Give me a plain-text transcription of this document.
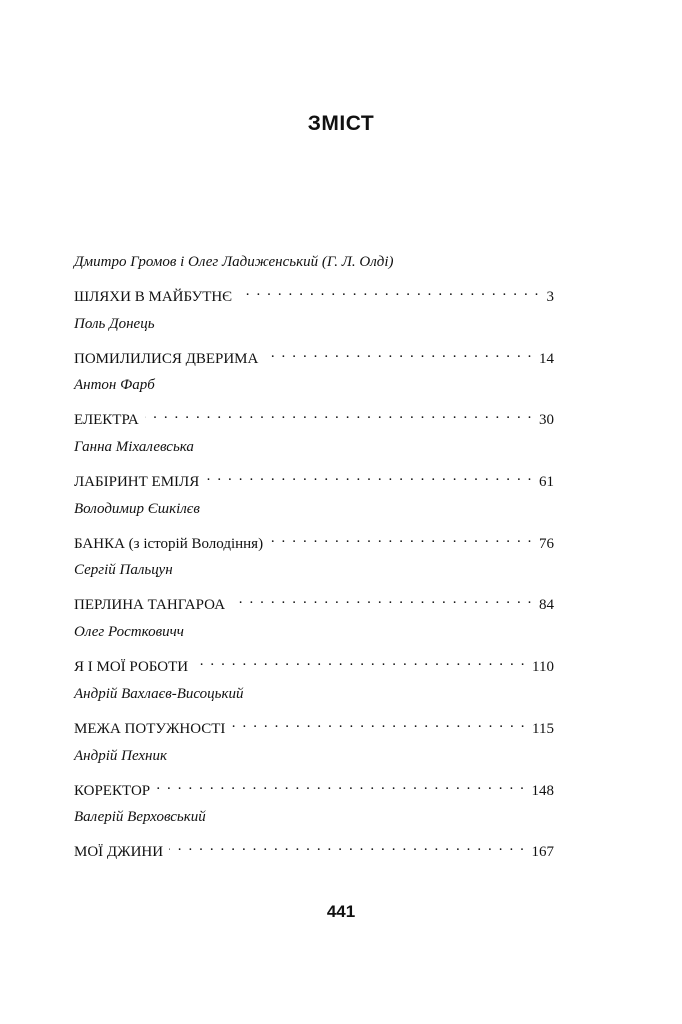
ЗМІСТ
Дмитро Громов і Олег Ладиженський (Г. Л. Олді)
ШЛЯХИ В МАЙБУТНЄ . . .	3
Поль Донець
ПОМИЛИЛИСЯ ДВЕРИМА . . .	14
Антон Фарб
ЕЛЕКТРА . . .	30
Ганна Міхалевська
ЛАБІРИНТ ЕМІЛЯ . . .	61
Володимир Єшкілєв
БАНКА (з історій Володіння) . . .	76
Сергій Пальцун
ПЕРЛИНА ТАНГАРОА . . .	84
Олег Ростковичч
Я І МОЇ РОБОТИ . . .	110
Андрій Вахлаєв-Висоцький
МЕЖА ПОТУЖНОСТІ . . .	115
Андрій Пехник
КОРЕКТОР . . .	148
Валерій Верховський
МОЇ ДЖИНИ . . .	167
441
